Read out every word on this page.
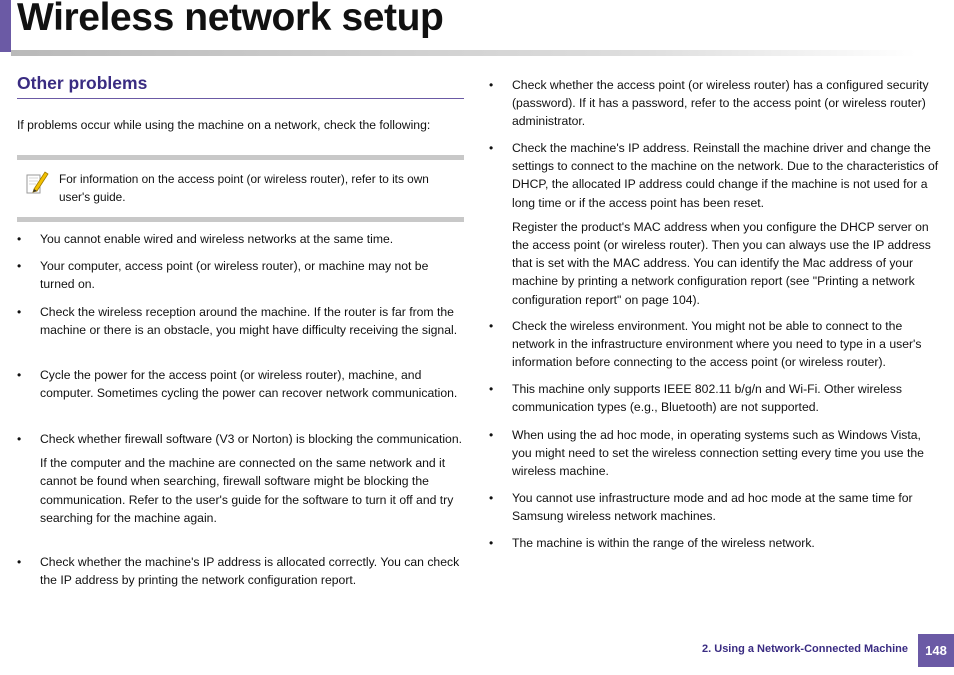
Wireless network setup
Other problems

If problems occur while using the machine on a network, check the following:

For information on the access point (or wireless router), refer to its own user's guide.
• You cannot enable wired and wireless networks at the same time.
• Your computer, access point (or wireless router), or machine may not be turned on.
• Check the wireless reception around the machine. If the router is far from the machine or there is an obstacle, you might have difficulty receiving the signal.
• Cycle the power for the access point (or wireless router), machine, and computer. Sometimes cycling the power can recover network communication.
• Check whether firewall software (V3 or Norton) is blocking the communication.
If the computer and the machine are connected on the same network and it cannot be found when searching, firewall software might be blocking the communication. Refer to the user's guide for the software to turn it off and try searching for the machine again.
• Check whether the machine's IP address is allocated correctly. You can check the IP address by printing the network configuration report.
• Check whether the access point (or wireless router) has a configured security (password). If it has a password, refer to the access point (or wireless router) administrator.
• Check the machine's IP address. Reinstall the machine driver and change the settings to connect to the machine on the network. Due to the characteristics of DHCP, the allocated IP address could change if the machine is not used for a long time or if the access point has been reset.
Register the product's MAC address when you configure the DHCP server on the access point (or wireless router). Then you can always use the IP address that is set with the MAC address. You can identify the Mac address of your machine by printing a network configuration report (see "Printing a network configuration report" on page 104).
• Check the wireless environment. You might not be able to connect to the network in the infrastructure environment where you need to type in a user's information before connecting to the access point (or wireless router).
• This machine only supports IEEE 802.11 b/g/n and Wi-Fi. Other wireless communication types (e.g., Bluetooth) are not supported.
• When using the ad hoc mode, in operating systems such as Windows Vista, you might need to set the wireless connection setting every time you use the wireless machine.
• You cannot use infrastructure mode and ad hoc mode at the same time for Samsung wireless network machines.
• The machine is within the range of the wireless network.
2. Using a Network-Connected Machine	148
